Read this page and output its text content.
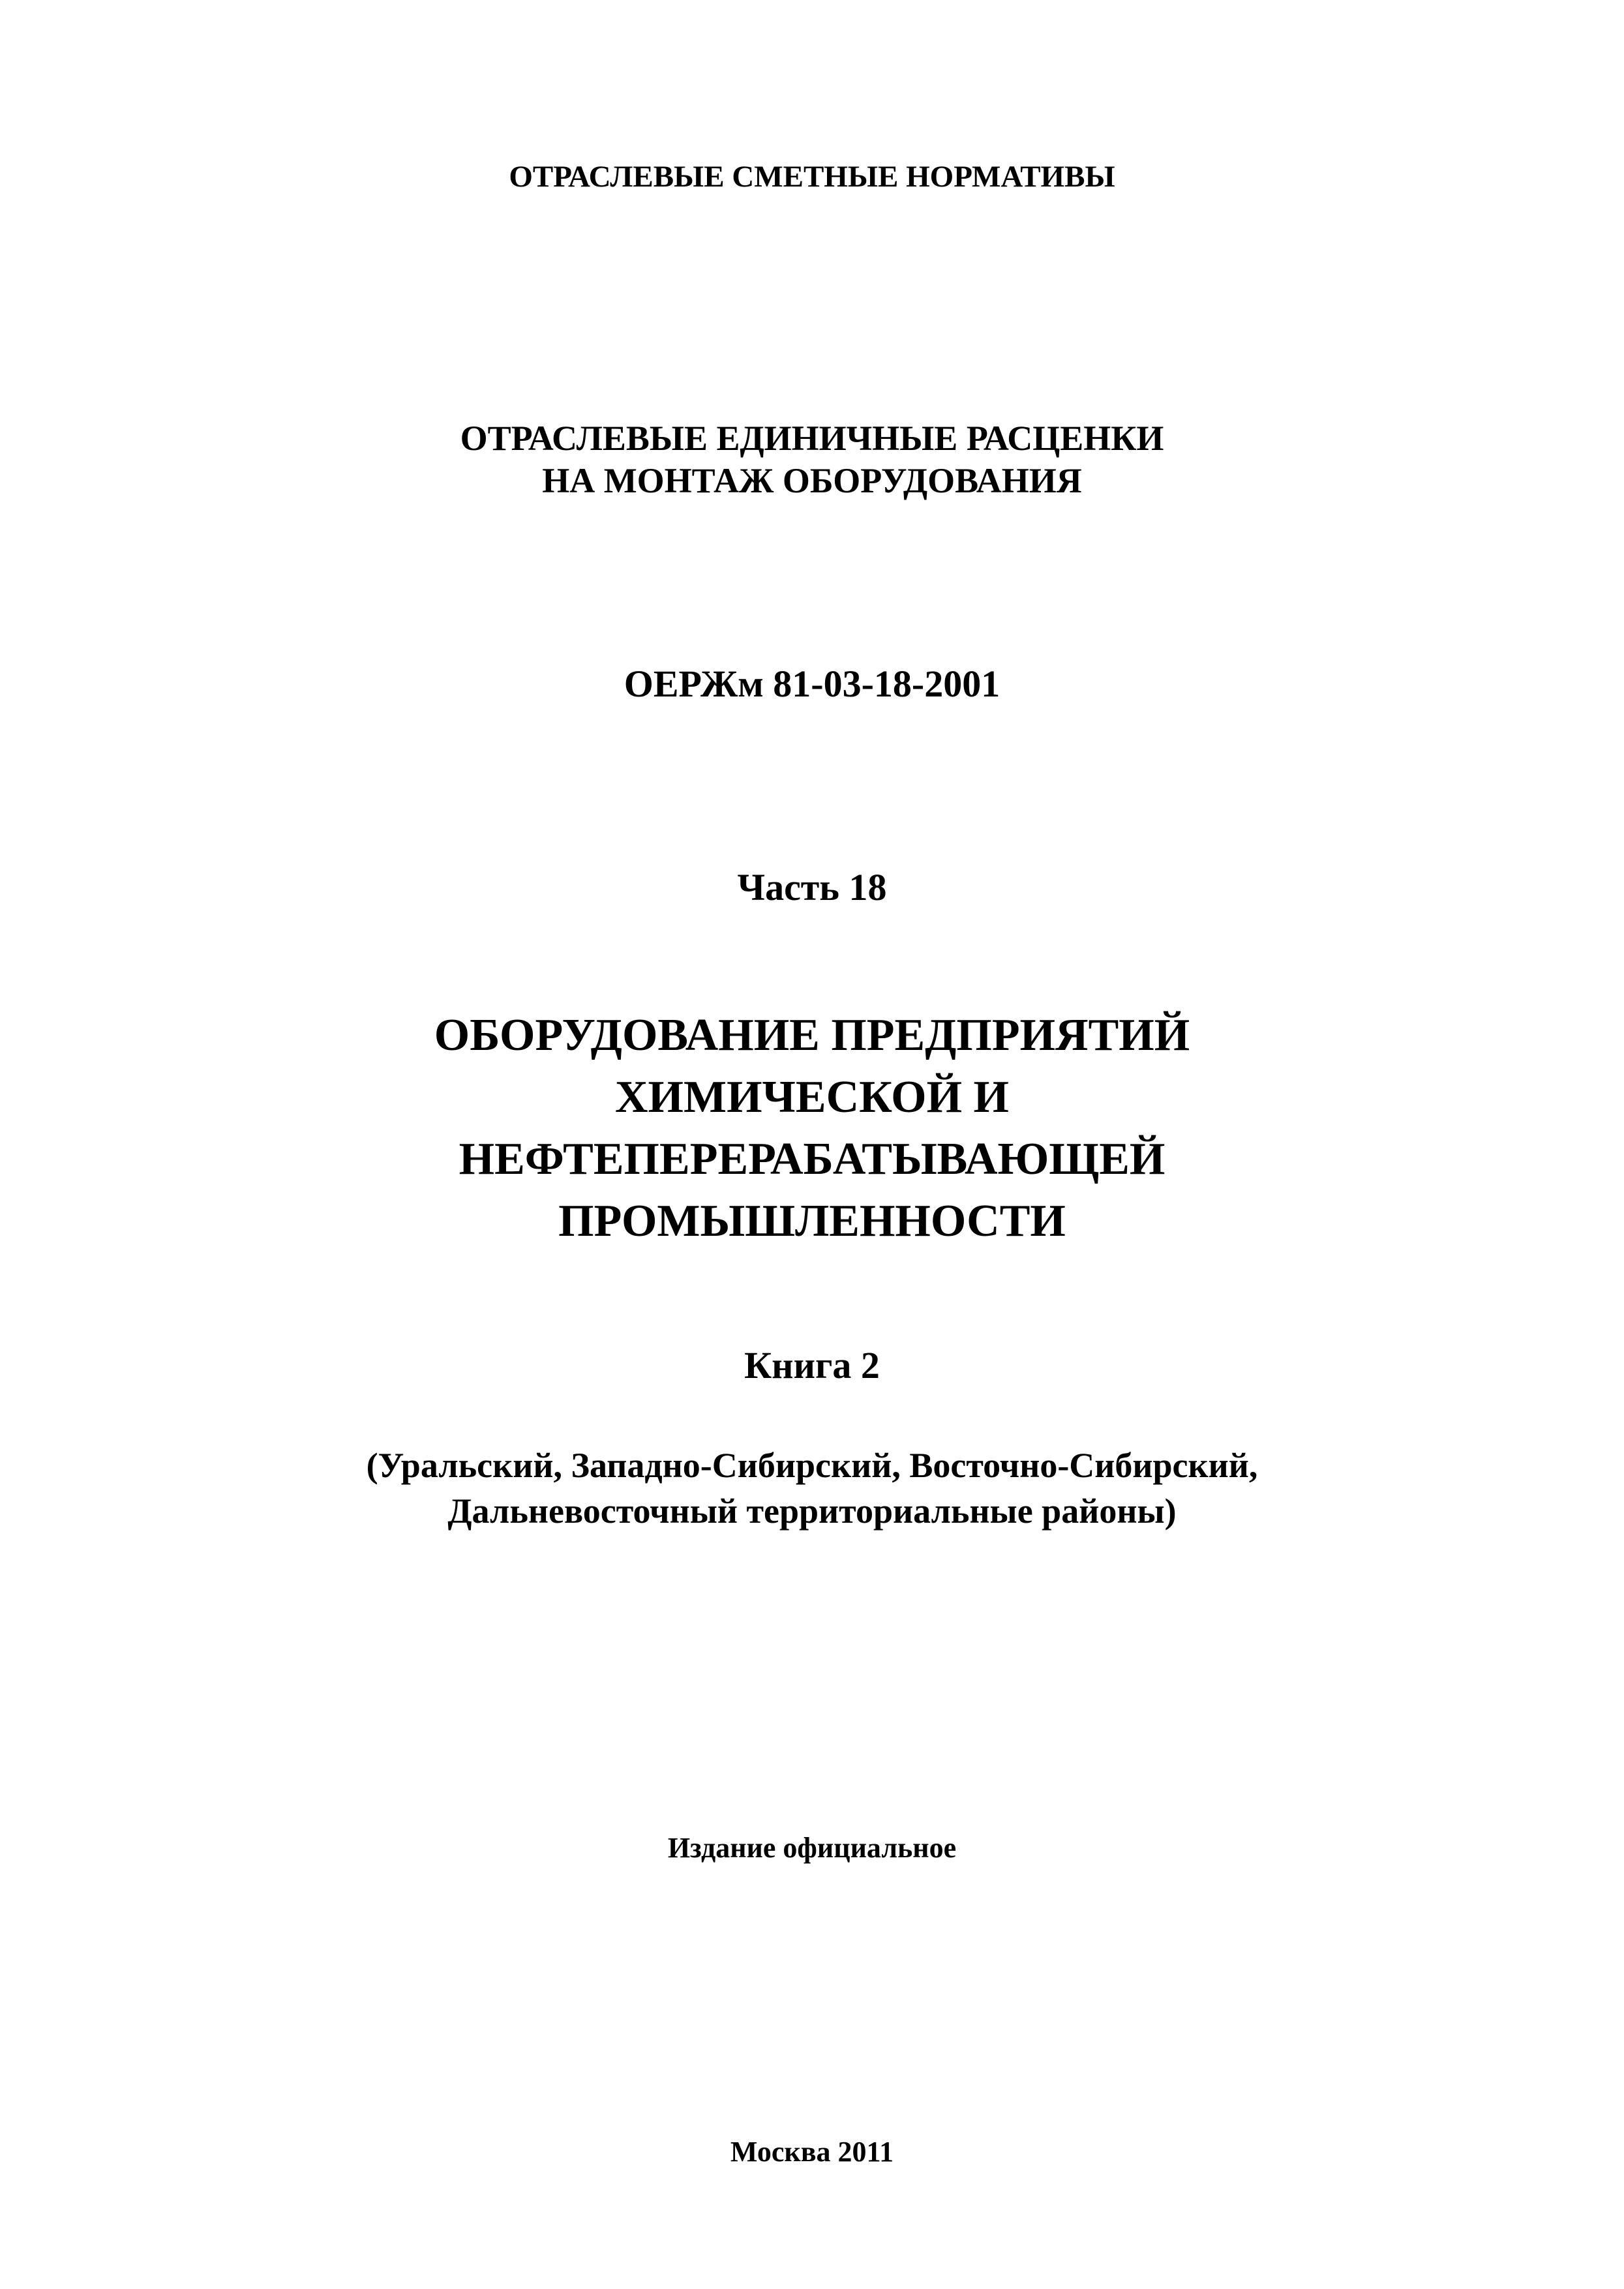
ОТРАСЛЕВЫЕ СМЕТНЫЕ НОРМАТИВЫ

ОТРАСЛЕВЫЕ ЕДИНИЧНЫЕ РАСЦЕНКИ

НА МОНТАЖ ОБОРУДОВАНИЯ

ОЕРЖм 81-03-18-2001

Часть 18

ОБОРУДОВАНИЕ ПРЕДПРИЯТИЙ

ХИМИЧЕСКОЙ И

НЕФТЕПЕРЕРАБАТЫВАЮЩЕЙ

ПРОМЫШЛЕННОСТИ

Книга 2

(Уральский, Западно-Сибирский, Восточно-Сибирский,

Дальневосточный территориальные районы)

Издание официальное

Москва 2011
